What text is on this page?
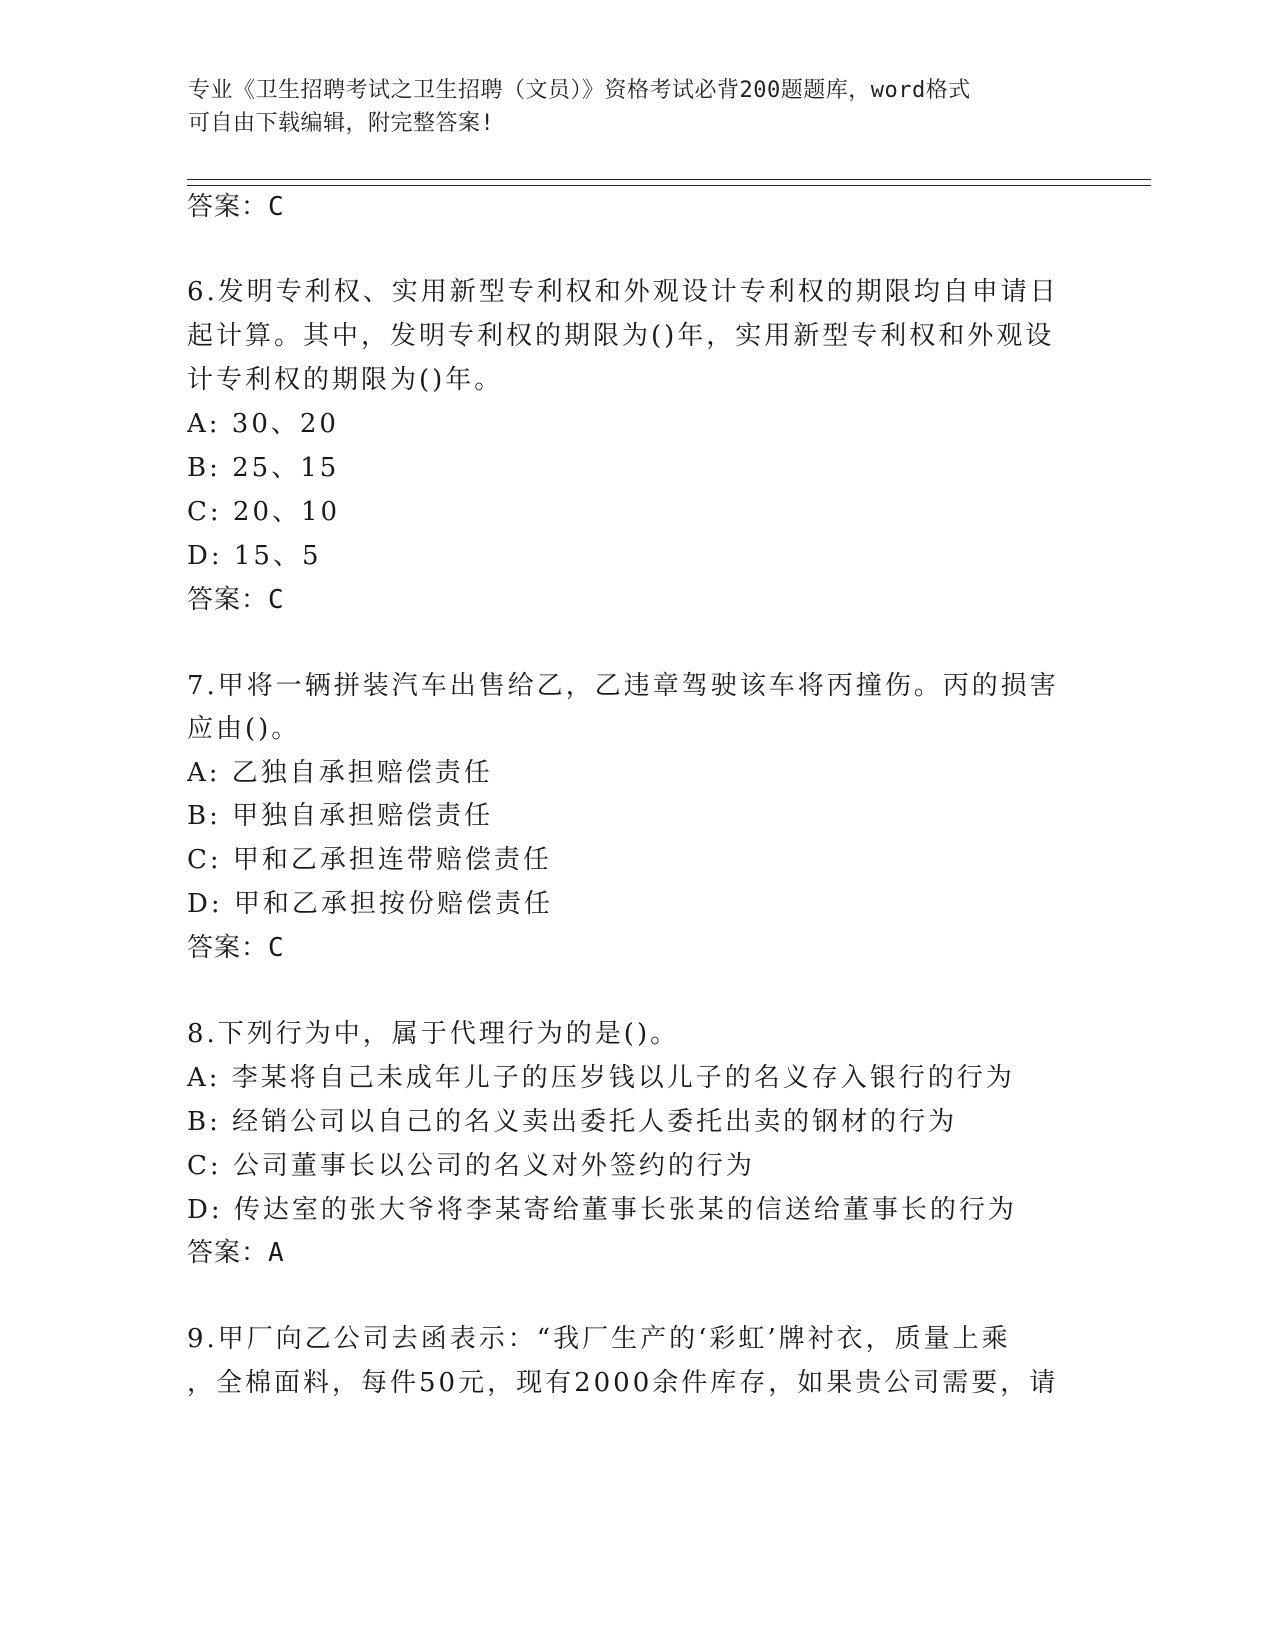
专业《卫生招聘考试之卫生招聘（文员）》资格考试必背200题题库，word格式
可自由下载编辑，附完整答案!
答案：C
6.发明专利权、实用新型专利权和外观设计专利权的期限均自申请日
起计算。其中，发明专利权的期限为()年，实用新型专利权和外观设
计专利权的期限为()年。
A: 30、20
B: 25、15
C: 20、10
D: 15、5
答案：C
7.甲将一辆拼装汽车出售给乙，乙违章驾驶该车将丙撞伤。丙的损害
应由()。
A: 乙独自承担赔偿责任
B: 甲独自承担赔偿责任
C: 甲和乙承担连带赔偿责任
D: 甲和乙承担按份赔偿责任
答案：C
8.下列行为中，属于代理行为的是()。
A: 李某将自己未成年儿子的压岁钱以儿子的名义存入银行的行为
B: 经销公司以自己的名义卖出委托人委托出卖的钢材的行为
C: 公司董事长以公司的名义对外签约的行为
D: 传达室的张大爷将李某寄给董事长张某的信送给董事长的行为
答案：A
9.甲厂向乙公司去函表示：“我厂生产的‘彩虹’牌衬衣，质量上乘
，全棉面料，每件50元，现有2000余件库存，如果贵公司需要，请
